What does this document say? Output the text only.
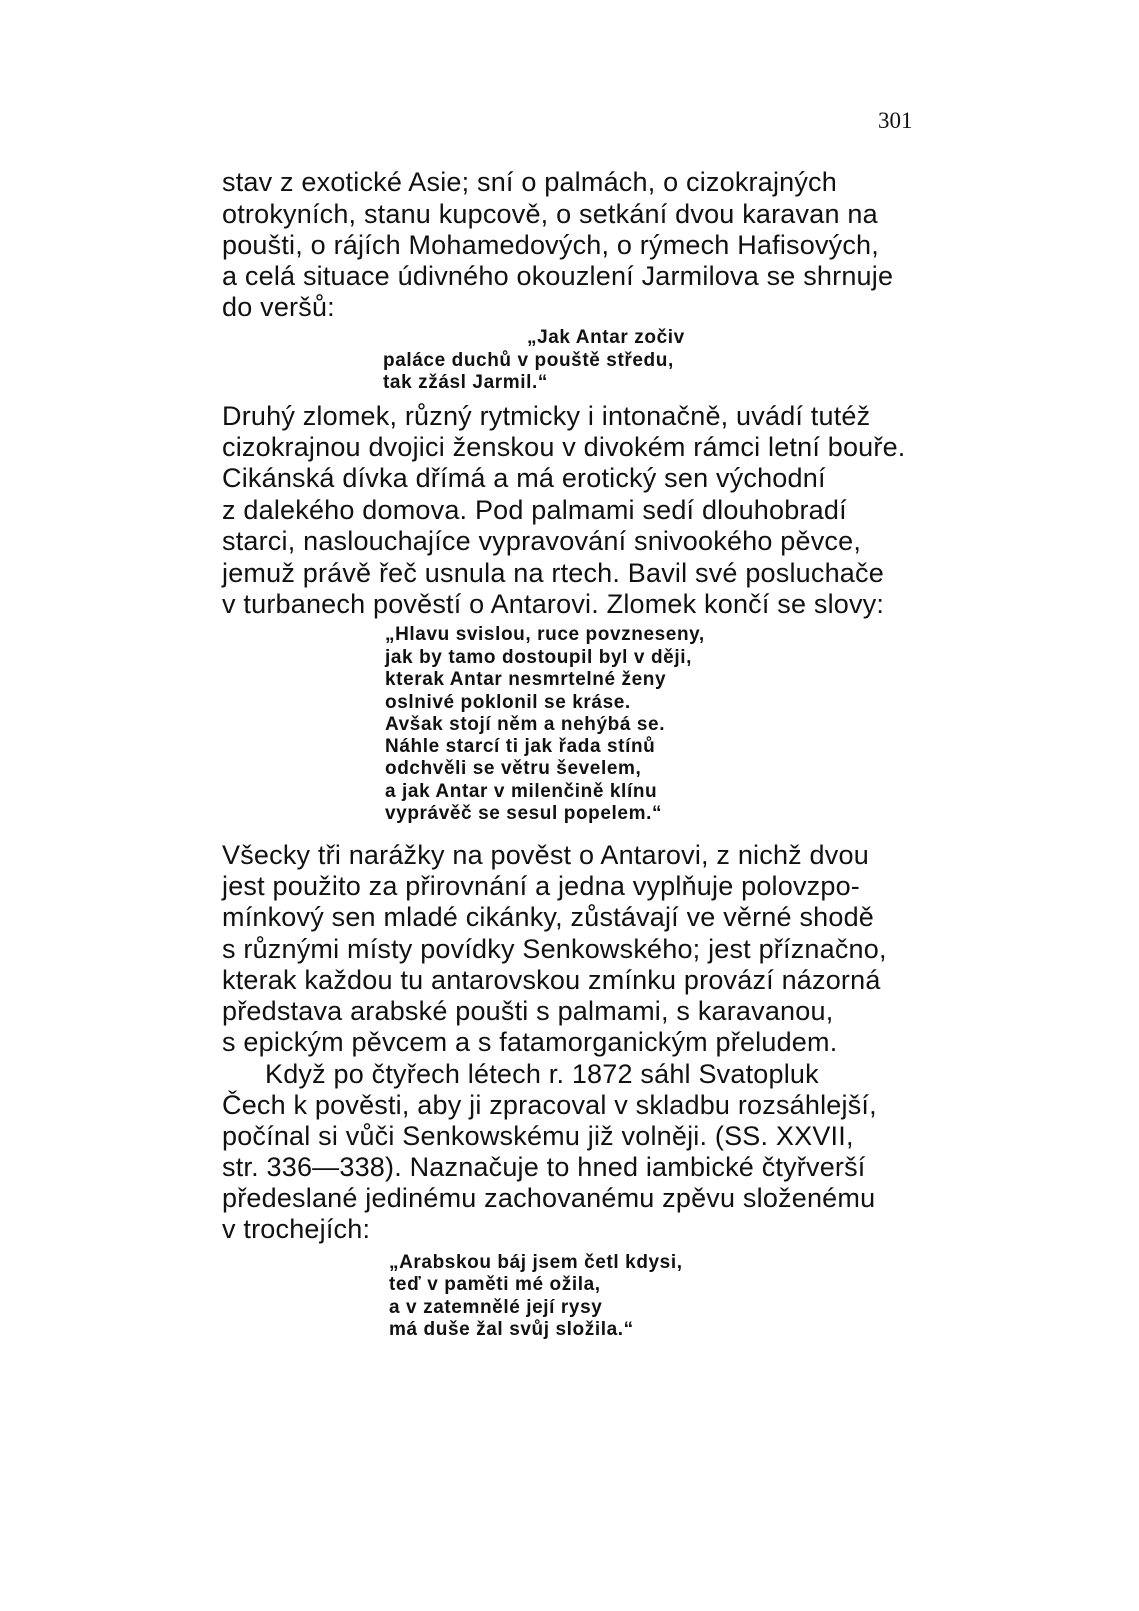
301
stav z exotické Asie; sní o palmách, o cizokrajných
otrokyních, stanu kupcově, o setkání dvou karavan na
poušti, o rájích Mohamedových, o rýmech Hafisových,
a celá situace údivného okouzlení Jarmilova se shrnuje
do veršů:
„Jak Antar zočiv
paláce duchů v pouště středu,
tak zžásl Jarmil.“
Druhý zlomek, různý rytmicky i intonačně, uvádí tutéž
cizokrajnou dvojici ženskou v divokém rámci letní bouře.
Cikánská dívka dřímá a má erotický sen východní
z dalekého domova. Pod palmami sedí dlouhobradí
starci, naslouchajíce vypravování snivookého pěvce,
jemuž právě řeč usnula na rtech. Bavil své posluchače
v turbanech pověstí o Antarovi. Zlomek končí se slovy:
„Hlavu svislou, ruce povzneseny,
jak by tamo dostoupil byl v ději,
kterak Antar nesmrtelné ženy
oslnivé poklonil se kráse.
Avšak stojí něm a nehýbá se.
Náhle starcí ti jak řada stínů
odchvěli se větru ševelem,
a jak Antar v milenčině klínu
vyprávěč se sesul popelem.“
Všecky tři narážky na pověst o Antarovi, z nichž dvou
jest použito za přirovnání a jedna vyplňuje polovzpo-
mínkový sen mladé cikánky, zůstávají ve věrné shodě
s různými místy povídky Senkowského; jest příznačno,
kterak každou tu antarovskou zmínku provází názorná
představa arabské poušti s palmami, s karavanou,
s epickým pěvcem a s fatamorganickým přeludem.
Když po čtyřech létech r. 1872 sáhl Svatopluk
Čech k pověsti, aby ji zpracoval v skladbu rozsáhlejší,
počínal si vůči Senkowskému již volněji. (SS. XXVII,
str. 336—338). Naznačuje to hned iambické čtyřverší
předeslané jedinému zachovanému zpěvu složenému
v trochejích:
„Arabskou báj jsem četl kdysi,
teď v paměti mé ožila,
a v zatemnělé její rysy
má duše žal svůj složila.“
